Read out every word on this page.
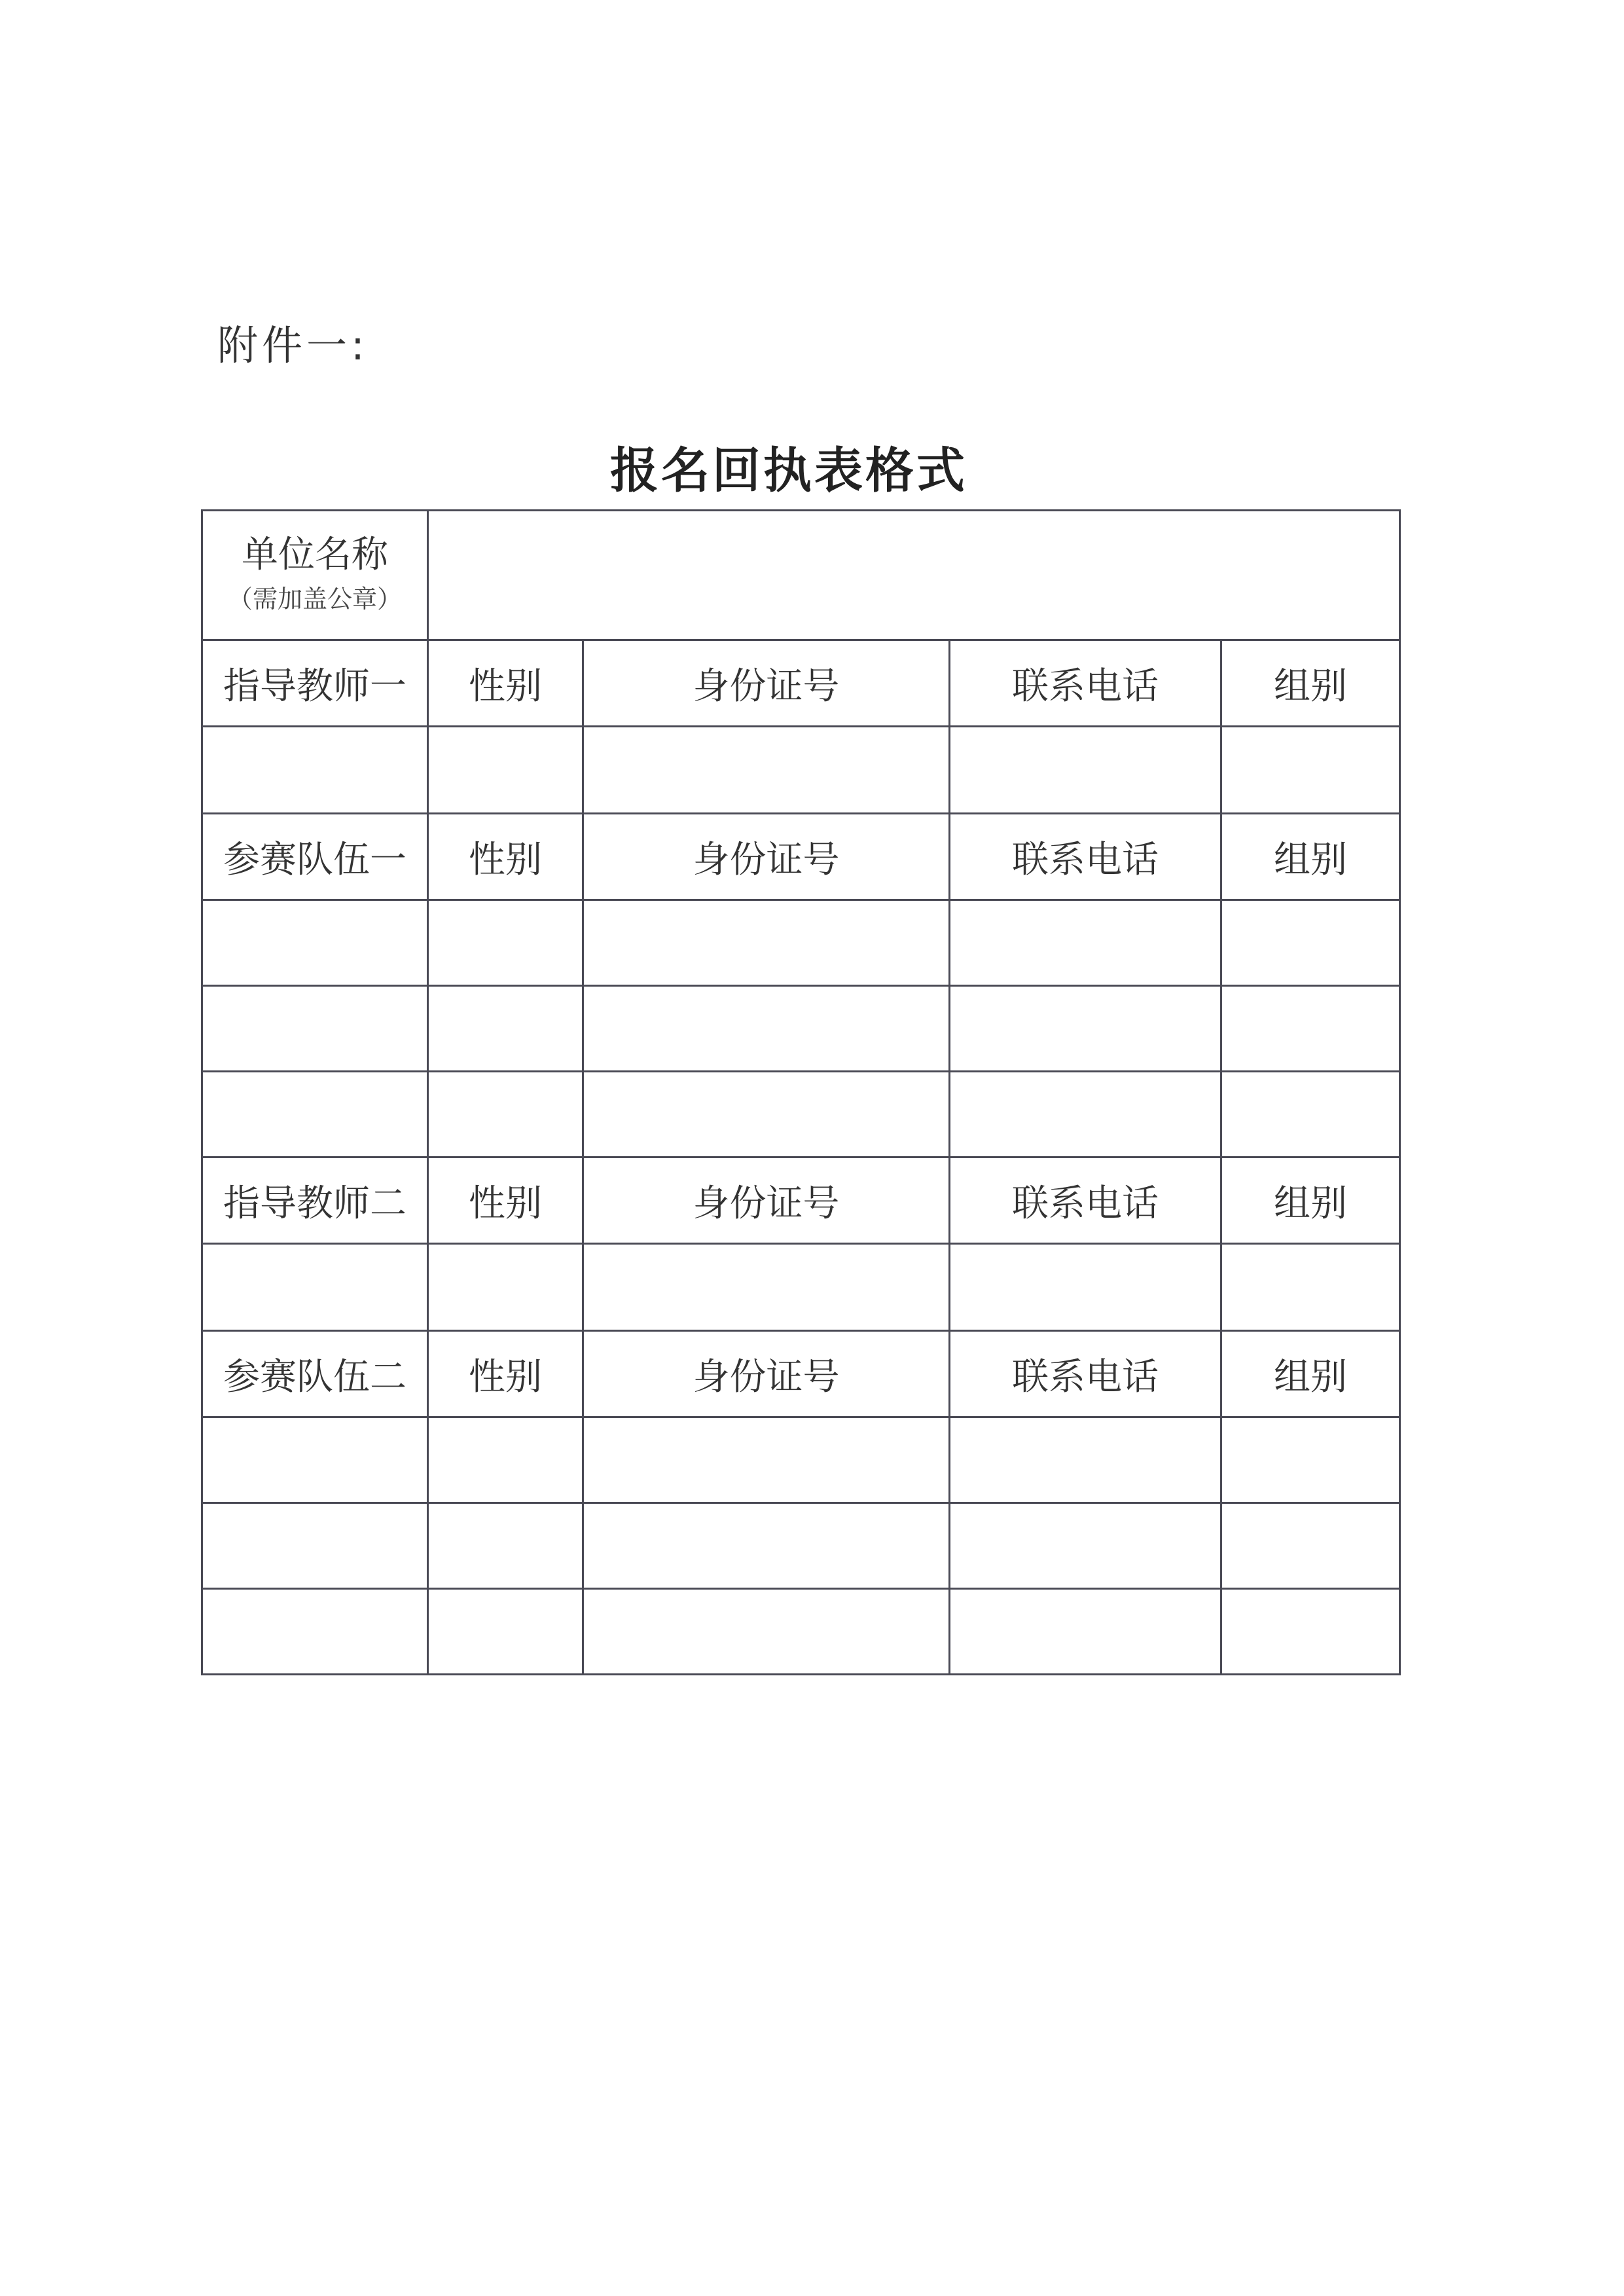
附件一:
报名回执表格式
单位名称
（需加盖公章）				

指导教师一	性别	身份证号	联系电话	组别

参赛队伍一	性别	身份证号	联系电话	组别

指导教师二	性别	身份证号	联系电话	组别

参赛队伍二	性别	身份证号	联系电话	组别
